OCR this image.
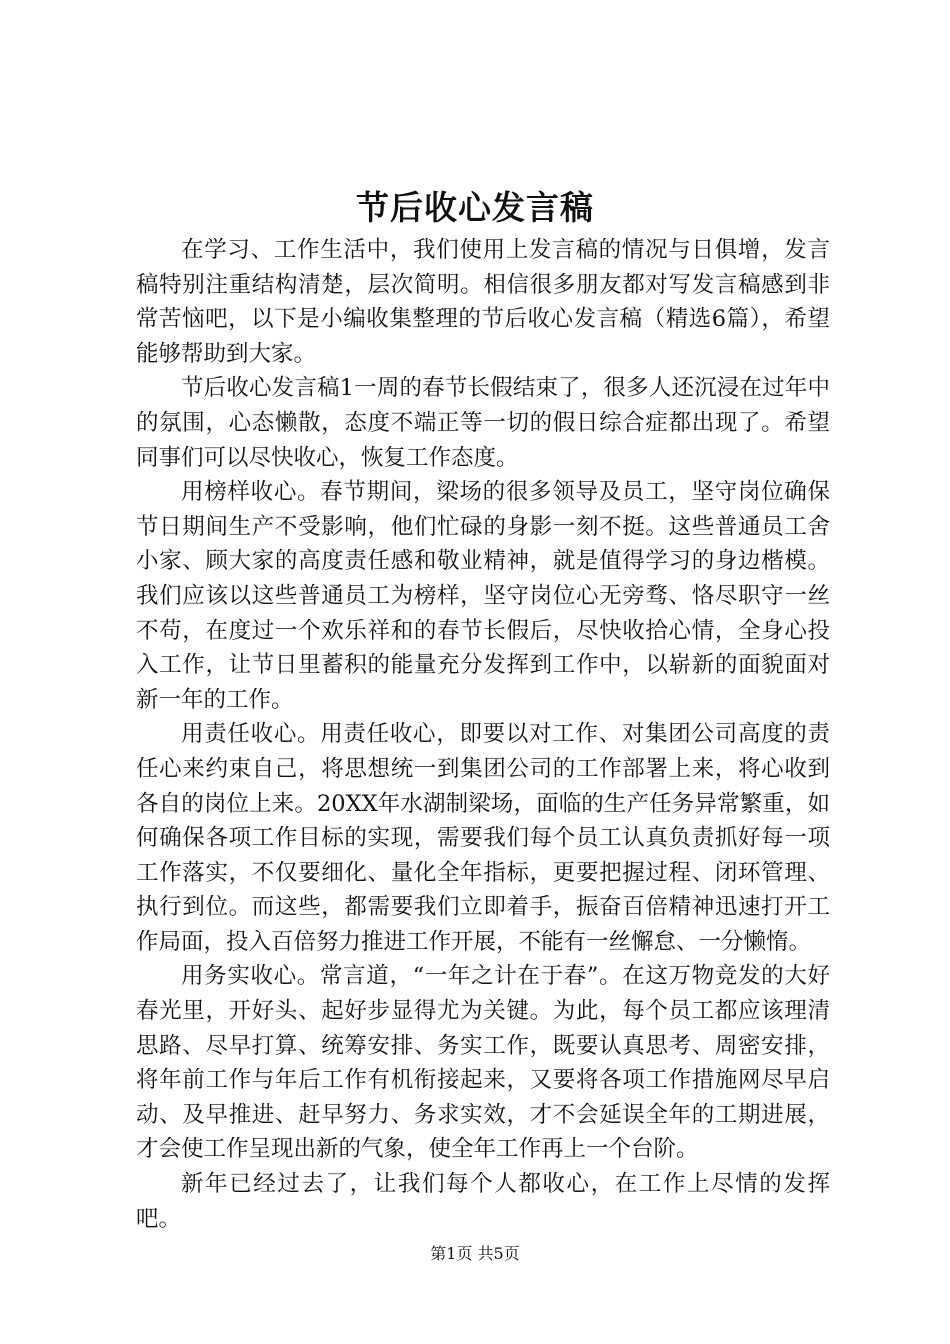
节后收心发言稿

在学习、工作生活中，我们使用上发言稿的情况与日俱增，发言稿特别注重结构清楚，层次简明。相信很多朋友都对写发言稿感到非常苦恼吧，以下是小编收集整理的节后收心发言稿（精选6篇），希望能够帮助到大家。

节后收心发言稿1一周的春节长假结束了，很多人还沉浸在过年中的氛围，心态懒散，态度不端正等一切的假日综合症都出现了。希望同事们可以尽快收心，恢复工作态度。

用榜样收心。春节期间，梁场的很多领导及员工，坚守岗位确保节日期间生产不受影响，他们忙碌的身影一刻不挺。这些普通员工舍小家、顾大家的高度责任感和敬业精神，就是值得学习的身边楷模。我们应该以这些普通员工为榜样，坚守岗位心无旁骛、恪尽职守一丝不苟，在度过一个欢乐祥和的春节长假后，尽快收拾心情，全身心投入工作，让节日里蓄积的能量充分发挥到工作中，以崭新的面貌面对新一年的工作。

用责任收心。用责任收心，即要以对工作、对集团公司高度的责任心来约束自己，将思想统一到集团公司的工作部署上来，将心收到各自的岗位上来。20XX年水湖制梁场，面临的生产任务异常繁重，如何确保各项工作目标的实现，需要我们每个员工认真负责抓好每一项工作落实，不仅要细化、量化全年指标，更要把握过程、闭环管理、执行到位。而这些，都需要我们立即着手，振奋百倍精神迅速打开工作局面，投入百倍努力推进工作开展，不能有一丝懈怠、一分懒惰。

用务实收心。常言道，“一年之计在于春”。在这万物竞发的大好春光里，开好头、起好步显得尤为关键。为此，每个员工都应该理清思路、尽早打算、统筹安排、务实工作，既要认真思考、周密安排，将年前工作与年后工作有机衔接起来，又要将各项工作措施网尽早启动、及早推进、赶早努力、务求实效，才不会延误全年的工期进展，才会使工作呈现出新的气象，使全年工作再上一个台阶。

新年已经过去了，让我们每个人都收心，在工作上尽情的发挥吧。

第1页 共5页
